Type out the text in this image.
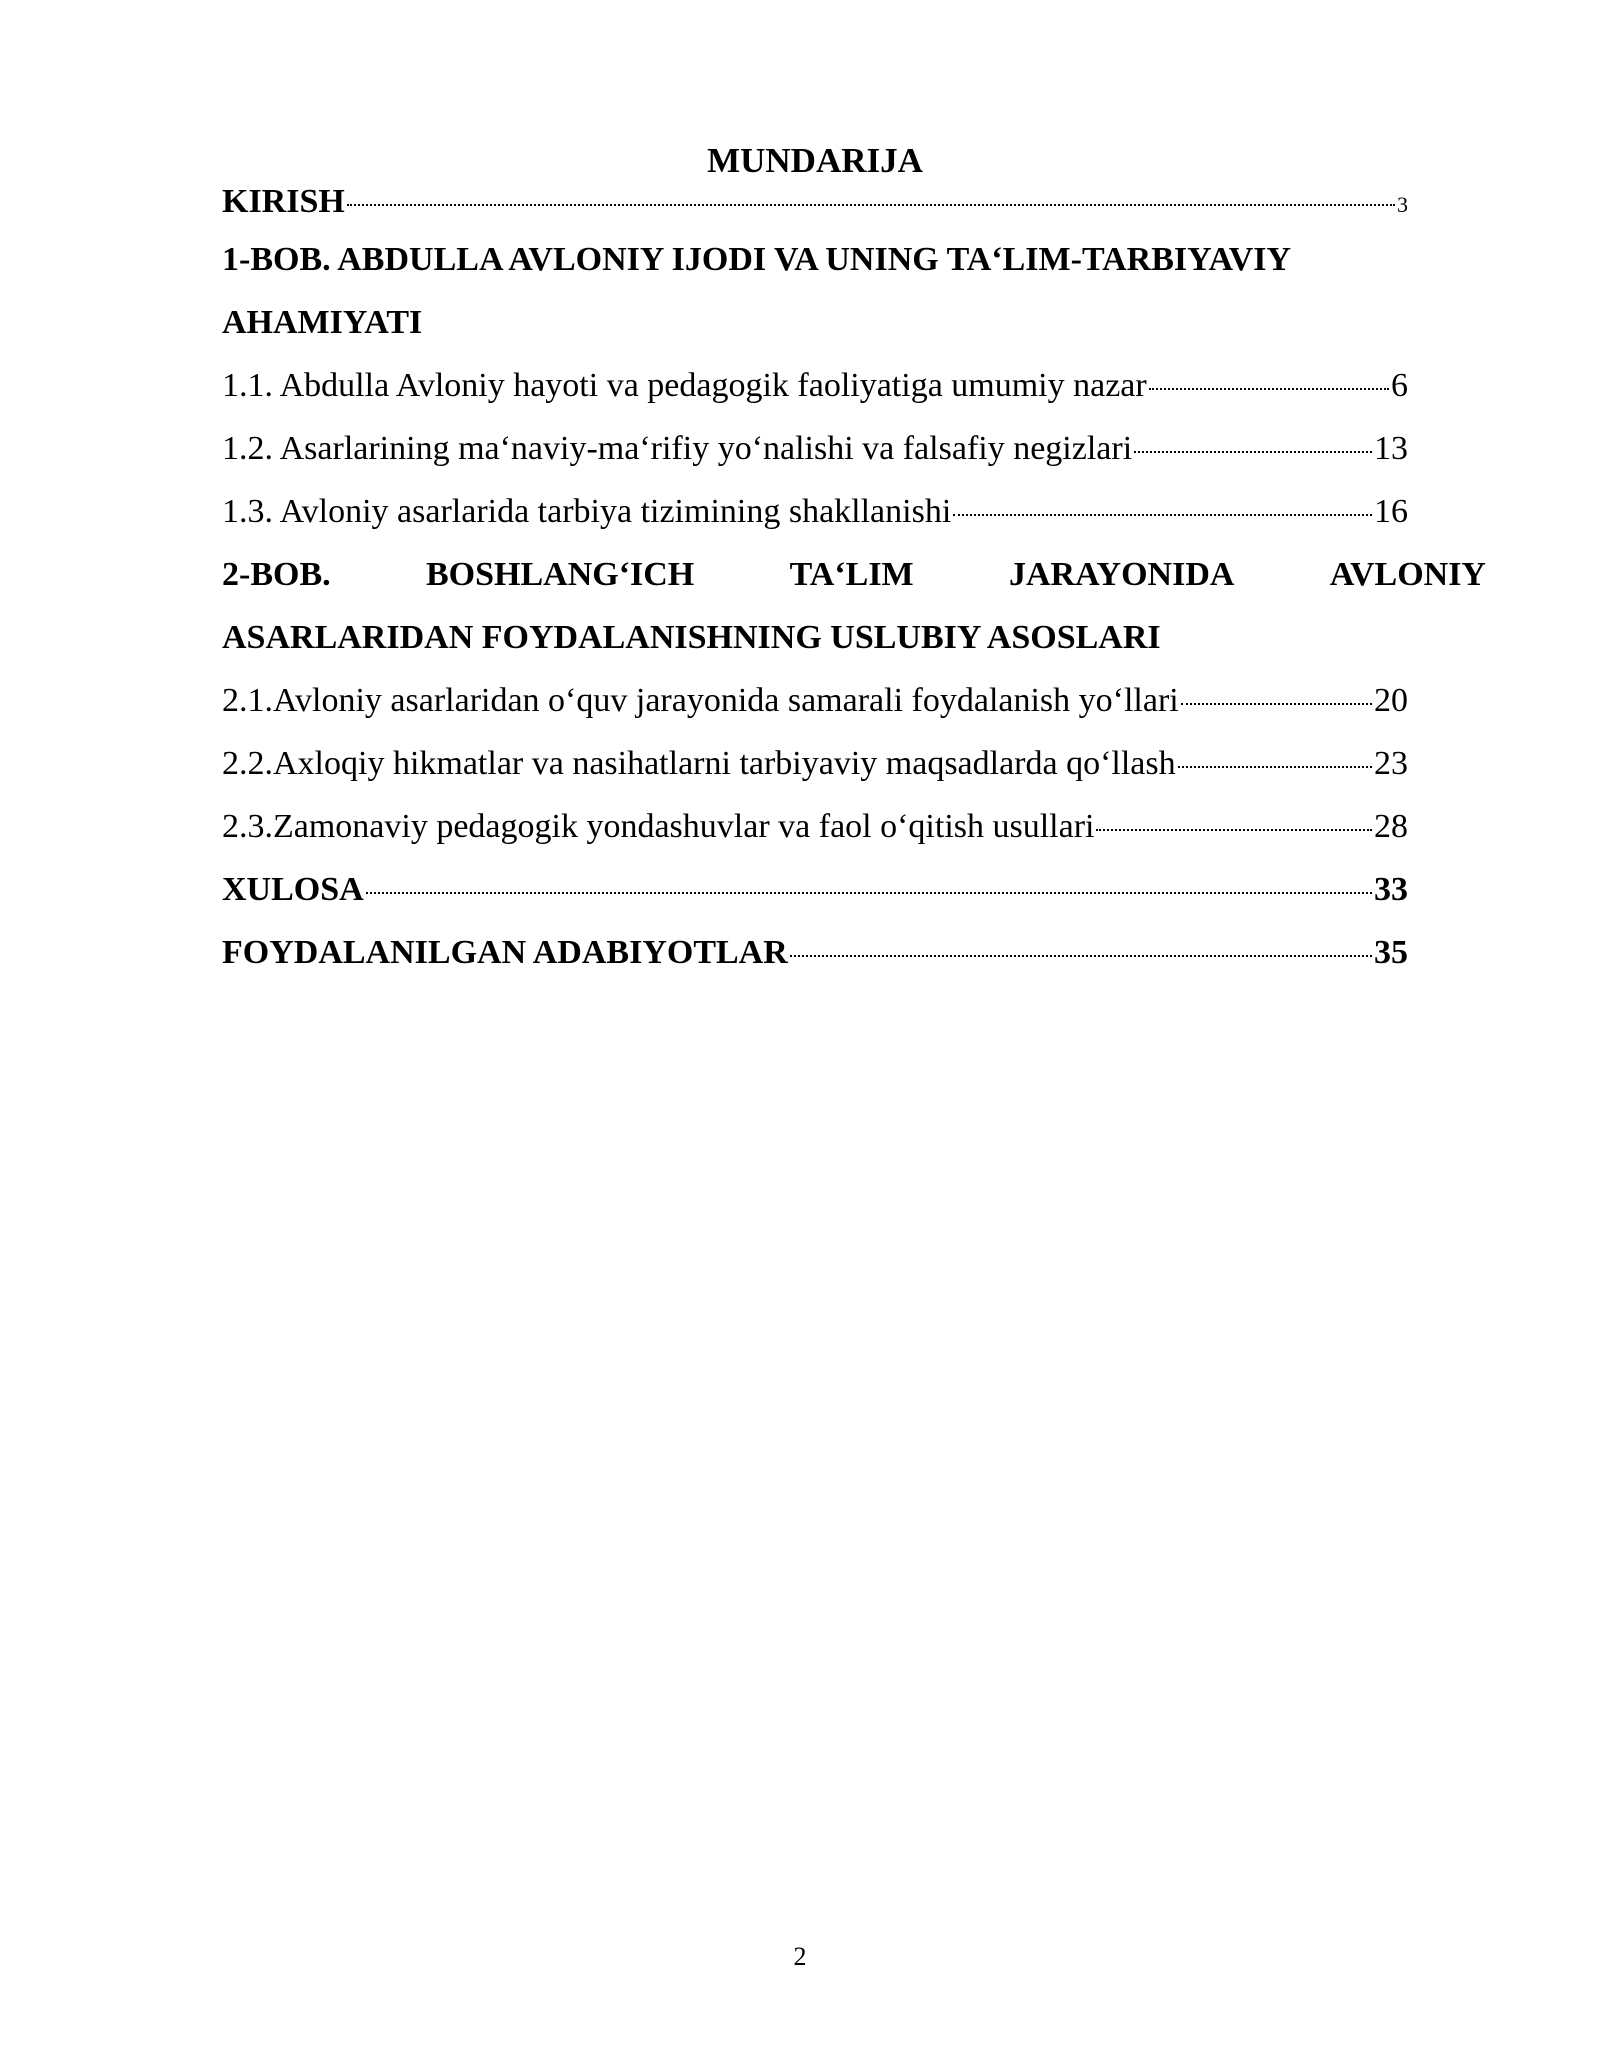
MUNDARIJA
KIRISH	3
1-BOB. ABDULLA AVLONIY IJODI VA UNING TA‘LIM-TARBIYAVIY
AHAMIYATI
1.1. Abdulla Avloniy hayoti va pedagogik faoliyatiga umumiy nazar	6
1.2. Asarlarining ma‘naviy-ma‘rifiy yo‘nalishi va falsafiy negizlari	13
1.3. Avloniy asarlarida tarbiya tizimining shakllanishi	16
2-BOB.	BOSHLANG‘ICH	TA‘LIM	JARAYONIDA	AVLONIY
ASARLARIDAN FOYDALANISHNING USLUBIY ASOSLARI
2.1.Avloniy asarlaridan o‘quv jarayonida samarali foydalanish yo‘llari	20
2.2.Axloqiy hikmatlar va nasihatlarni tarbiyaviy maqsadlarda qo‘llash	23
2.3.Zamonaviy pedagogik yondashuvlar va faol o‘qitish usullari	28
XULOSA	33
FOYDALANILGAN ADABIYOTLAR	35
2
